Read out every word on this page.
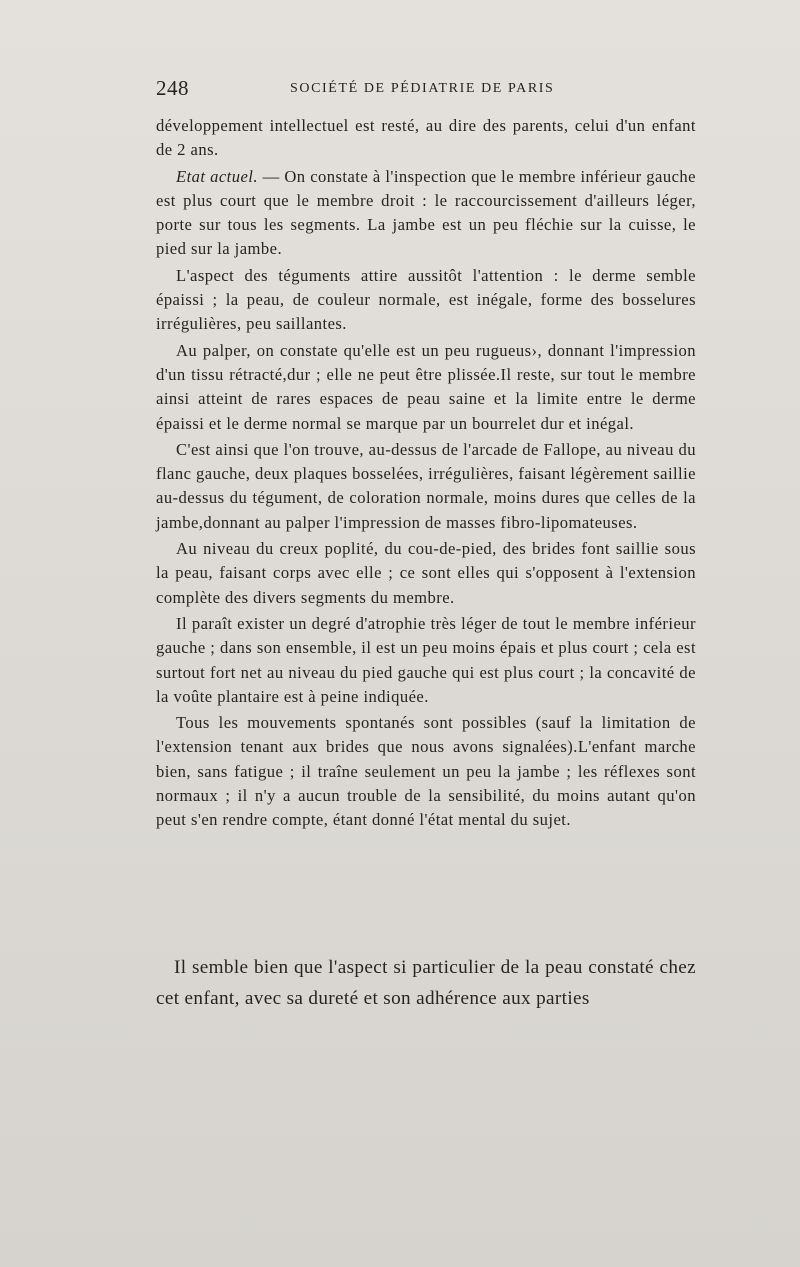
248	SOCIÉTÉ DE PÉDIATRIE DE PARIS

développement intellectuel est resté, au dire des parents, celui d'un enfant de 2 ans.

Etat actuel. — On constate à l'inspection que le membre inférieur gauche est plus court que le membre droit : le raccourcissement d'ailleurs léger, porte sur tous les segments. La jambe est un peu fléchie sur la cuisse, le pied sur la jambe.

L'aspect des téguments attire aussitôt l'attention : le derme semble épaissi ; la peau, de couleur normale, est inégale, forme des bosselures irrégulières, peu saillantes.

Au palper, on constate qu'elle est un peu rugueus›, donnant l'impression d'un tissu rétracté,dur ; elle ne peut être plissée.Il reste, sur tout le membre ainsi atteint de rares espaces de peau saine et la limite entre le derme épaissi et le derme normal se marque par un bourrelet dur et inégal.

C'est ainsi que l'on trouve, au-dessus de l'arcade de Fallope, au niveau du flanc gauche, deux plaques bosselées, irrégulières, faisant légèrement saillie au-dessus du tégument, de coloration normale, moins dures que celles de la jambe,donnant au palper l'impression de masses fibro-lipomateuses.

Au niveau du creux poplité, du cou-de-pied, des brides font saillie sous la peau, faisant corps avec elle ; ce sont elles qui s'opposent à l'extension complète des divers segments du membre.

Il paraît exister un degré d'atrophie très léger de tout le membre inférieur gauche ; dans son ensemble, il est un peu moins épais et plus court ; cela est surtout fort net au niveau du pied gauche qui est plus court ; la concavité de la voûte plantaire est à peine indiquée.

Tous les mouvements spontanés sont possibles (sauf la limitation de l'extension tenant aux brides que nous avons signalées).L'enfant marche bien, sans fatigue ; il traîne seulement un peu la jambe ; les réflexes sont normaux ; il n'y a aucun trouble de la sensibilité, du moins autant qu'on peut s'en rendre compte, étant donné l'état mental du sujet.

Il semble bien que l'aspect si particulier de la peau constaté chez cet enfant, avec sa dureté et son adhérence aux parties
